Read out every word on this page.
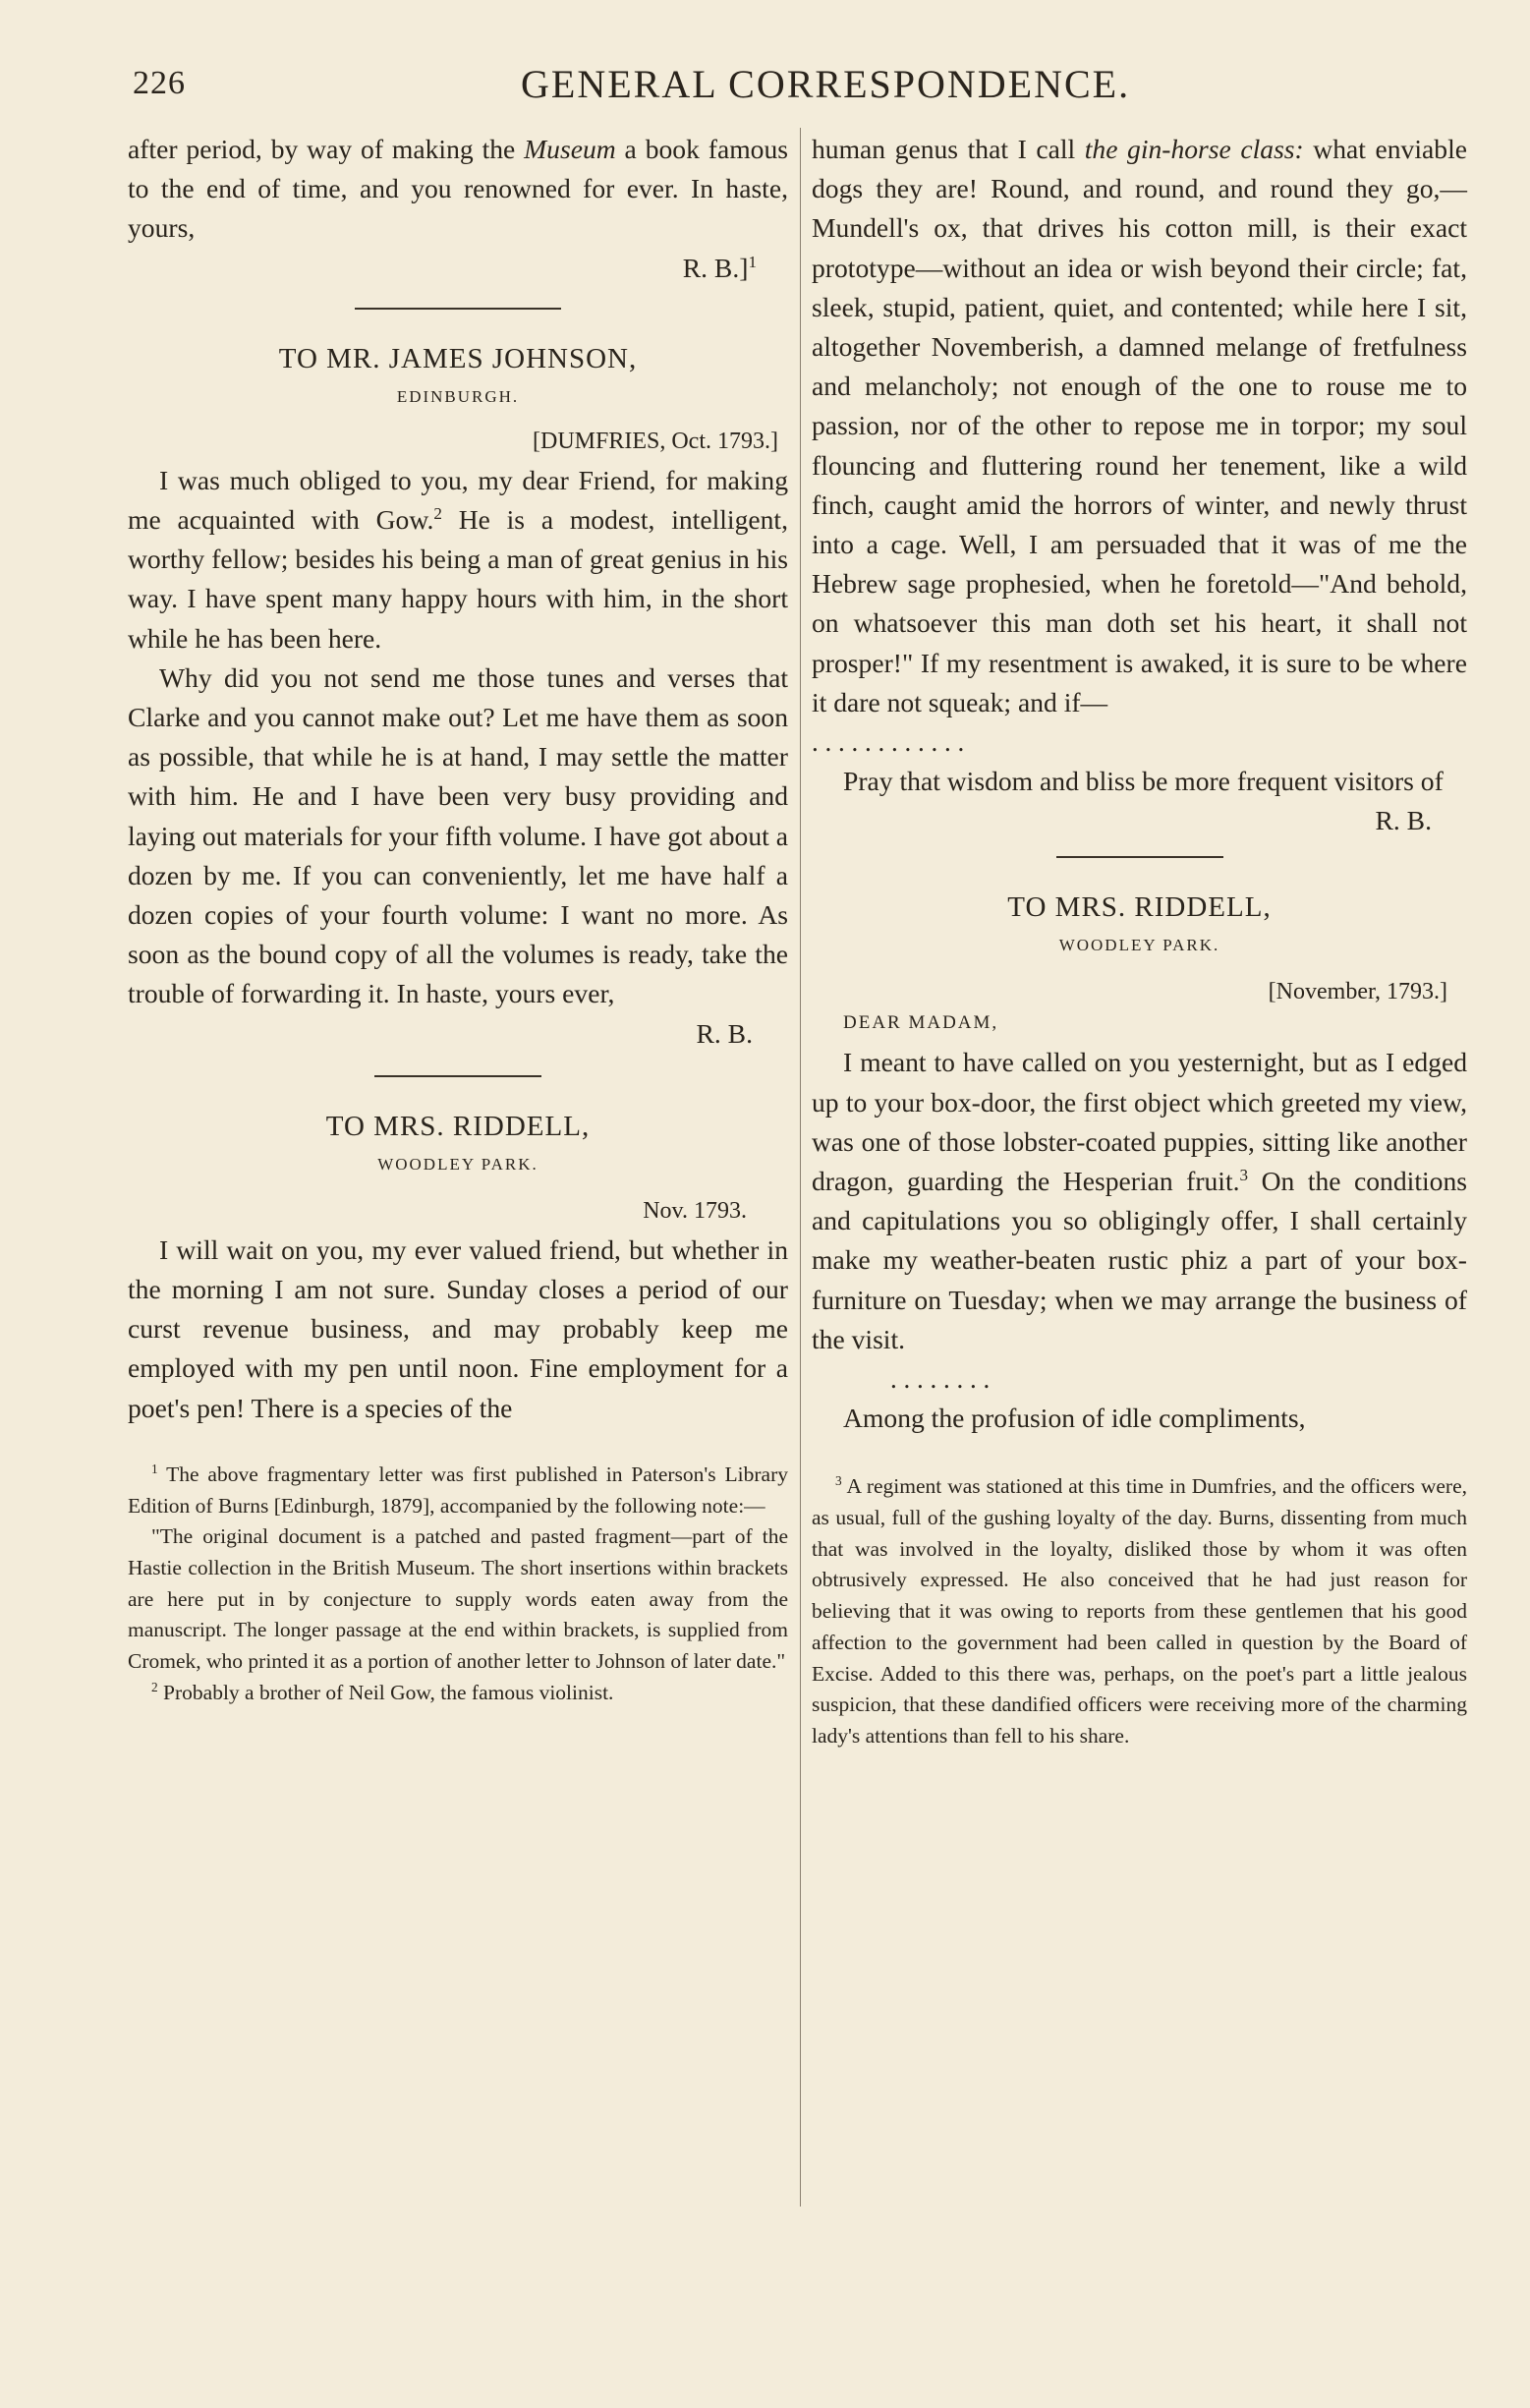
226	GENERAL CORRESPONDENCE.

after period, by way of making the Museum a book famous to the end of time, and you renowned for ever. In haste, yours,

R. B.]$^1$
TO MR. JAMES JOHNSON,
EDINBURGH.
[DUMFRIES, Oct. 1793.]

I was much obliged to you, my dear Friend, for making me acquainted with Gow.$^2$ He is a modest, intelligent, worthy fellow; besides his being a man of great genius in his way. I have spent many happy hours with him, in the short while he has been here.

Why did you not send me those tunes and verses that Clarke and you cannot make out? Let me have them as soon as possible, that while he is at hand, I may settle the matter with him. He and I have been very busy providing and laying out materials for your fifth volume. I have got about a dozen by me. If you can conveniently, let me have half a dozen copies of your fourth volume: I want no more. As soon as the bound copy of all the volumes is ready, take the trouble of forwarding it. In haste, yours ever,

R. B.
TO MRS. RIDDELL,
WOODLEY PARK.
Nov. 1793.

I will wait on you, my ever valued friend, but whether in the morning I am not sure. Sunday closes a period of our curst revenue business, and may probably keep me employed with my pen until noon. Fine employment for a poet's pen! There is a species of the

$^1$ The above fragmentary letter was first published in Paterson's Library Edition of Burns [Edinburgh, 1879], accompanied by the following note:—

"The original document is a patched and pasted fragment—part of the Hastie collection in the British Museum. The short insertions within brackets are here put in by conjecture to supply words eaten away from the manuscript. The longer passage at the end within brackets, is supplied from Cromek, who printed it as a portion of another letter to Johnson of later date."

$^2$ Probably a brother of Neil Gow, the famous violinist.

human genus that I call the gin-horse class: what enviable dogs they are! Round, and round, and round they go,—Mundell's ox, that drives his cotton mill, is their exact prototype—without an idea or wish beyond their circle; fat, sleek, stupid, patient, quiet, and contented; while here I sit, altogether Novemberish, a damned melange of fretfulness and melancholy; not enough of the one to rouse me to passion, nor of the other to repose me in torpor; my soul flouncing and fluttering round her tenement, like a wild finch, caught amid the horrors of winter, and newly thrust into a cage. Well, I am persuaded that it was of me the Hebrew sage prophesied, when he foretold—"And behold, on whatsoever this man doth set his heart, it shall not prosper!" If my resentment is awaked, it is sure to be where it dare not squeak; and if—

. . . . . . . . . . . .

Pray that wisdom and bliss be more frequent visitors of

R. B.
TO MRS. RIDDELL,
WOODLEY PARK.
[November, 1793.]
DEAR MADAM,

I meant to have called on you yesternight, but as I edged up to your box-door, the first object which greeted my view, was one of those lobster-coated puppies, sitting like another dragon, guarding the Hesperian fruit.$^3$ On the conditions and capitulations you so obligingly offer, I shall certainly make my weather-beaten rustic phiz a part of your box-furniture on Tuesday; when we may arrange the business of the visit.

. . . . . . . .

Among the profusion of idle compliments,

$^3$ A regiment was stationed at this time in Dumfries, and the officers were, as usual, full of the gushing loyalty of the day. Burns, dissenting from much that was involved in the loyalty, disliked those by whom it was often obtrusively expressed. He also conceived that he had just reason for believing that it was owing to reports from these gentlemen that his good affection to the government had been called in question by the Board of Excise. Added to this there was, perhaps, on the poet's part a little jealous suspicion, that these dandified officers were receiving more of the charming lady's attentions than fell to his share.
